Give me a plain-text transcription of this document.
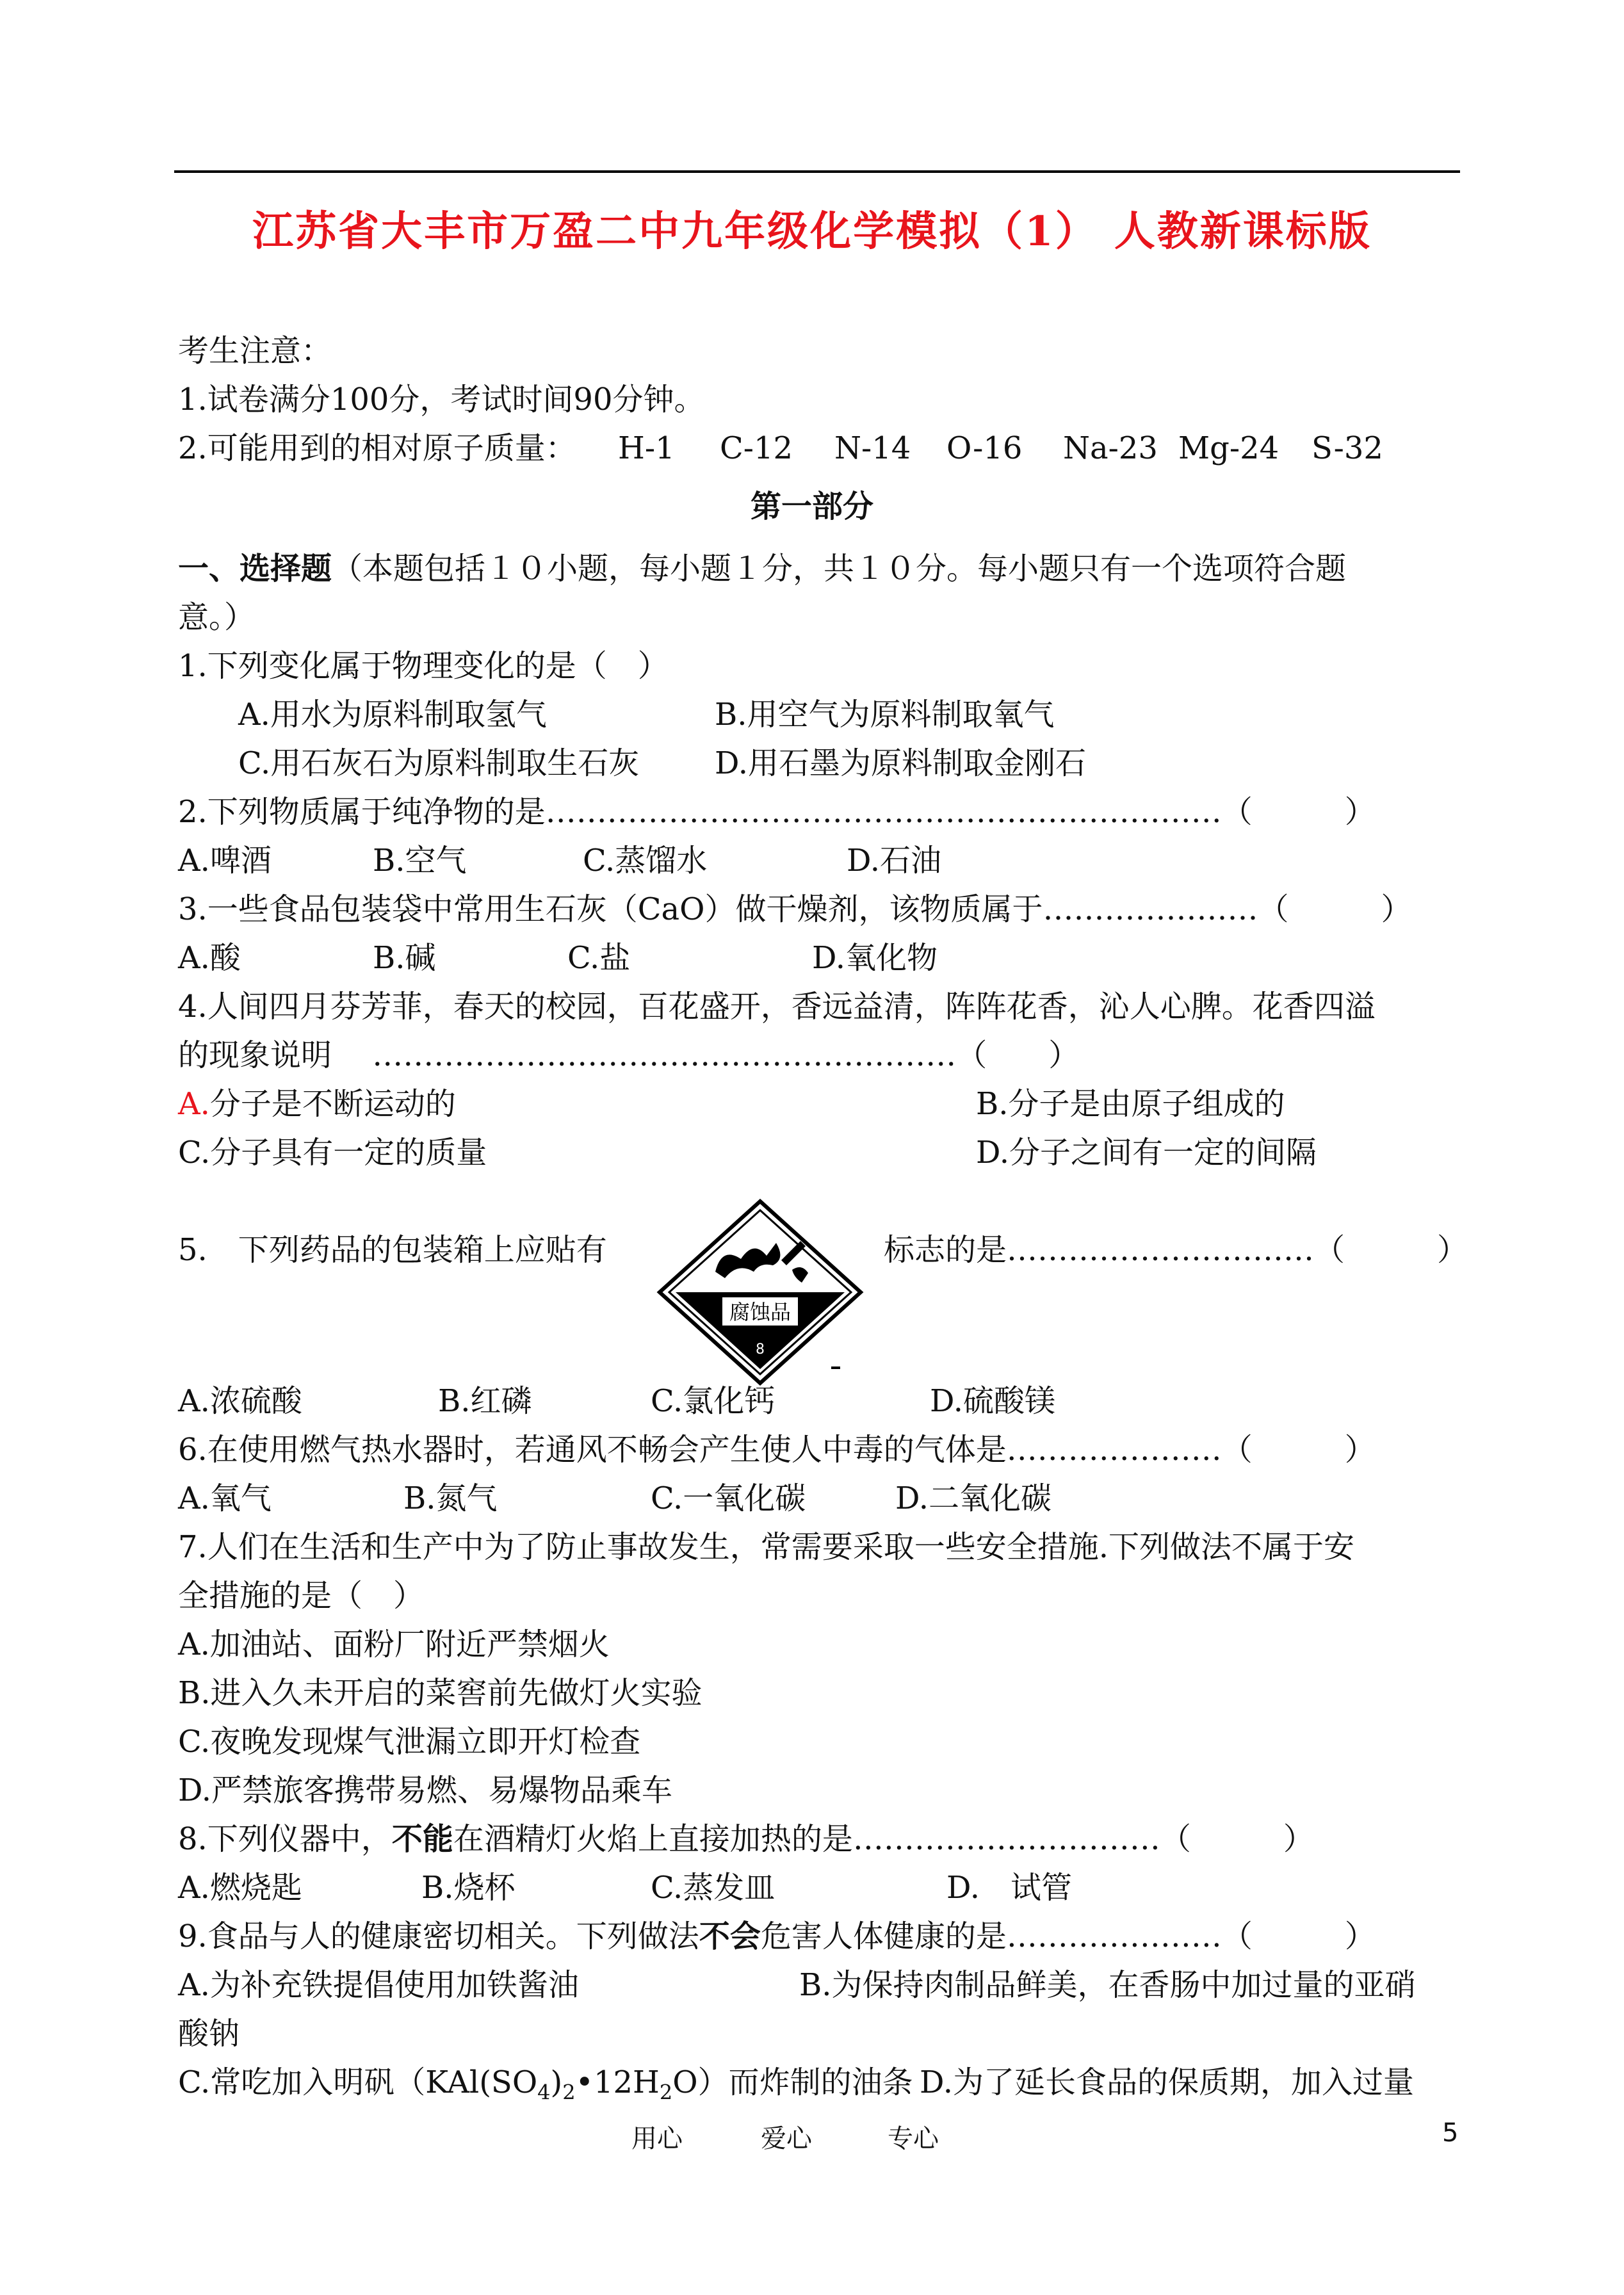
江苏省大丰市万盈二中九年级化学模拟（1） 人教新课标版
考生注意：
1.试卷满分100分，考试时间90分钟。
2.可能用到的相对原子质量： H-1 C-12 N-14 O-16 Na-23 Mg-24 S-32
第一部分
一、选择题（本题包括１０小题，每小题１分，共１０分。每小题只有一个选项符合题
意。）
1.下列变化属于物理变化的是（　）
A.用水为原料制取氢气	B.用空气为原料制取氧气
C.用石灰石为原料制取生石灰 D.用石墨为原料制取金刚石
2.下列物质属于纯净物的是…………………………………………………………（　　　）
A.啤酒	B.空气	C.蒸馏水	D.石油
3.一些食品包装袋中常用生石灰（CaO）做干燥剂，该物质属于…………………（　　　）
A.酸	B.碱	C.盐	D.氧化物
4.人间四月芬芳菲，春天的校园，百花盛开，香远益清，阵阵花香，沁人心脾。花香四溢
的现象说明　 …………………………………………………（　　）
A.分子是不断运动的	B.分子是由原子组成的
C.分子具有一定的质量	D.分子之间有一定的间隔
5.　下列药品的包装箱上应贴有	标志的是…………………………（　　　）
腐蚀品
8
A.浓硫酸	B.红磷	C.氯化钙	D.硫酸镁
6.在使用燃气热水器时，若通风不畅会产生使人中毒的气体是…………………（　　　）
A.氧气	B.氮气	C.一氧化碳	D.二氧化碳
7.人们在生活和生产中为了防止事故发生，常需要采取一些安全措施.下列做法不属于安
全措施的是（　）
A.加油站、面粉厂附近严禁烟火
B.进入久未开启的菜窖前先做灯火实验
C.夜晚发现煤气泄漏立即开灯检查
D.严禁旅客携带易燃、易爆物品乘车
8.下列仪器中，不能在酒精灯火焰上直接加热的是…………………………（　　　）
A.燃烧匙	B.烧杯	C.蒸发皿	D.　试管
9.食品与人的健康密切相关。下列做法不会危害人体健康的是…………………（　　　）
A.为补充铁提倡使用加铁酱油	B.为保持肉制品鲜美，在香肠中加过量的亚硝
酸钠
C.常吃加入明矾$(KAl(SO_4)_2•12H_2O)$而炸制的油条 D.为了延长食品的保质期，加入过量
用心	爱心	专心	5
